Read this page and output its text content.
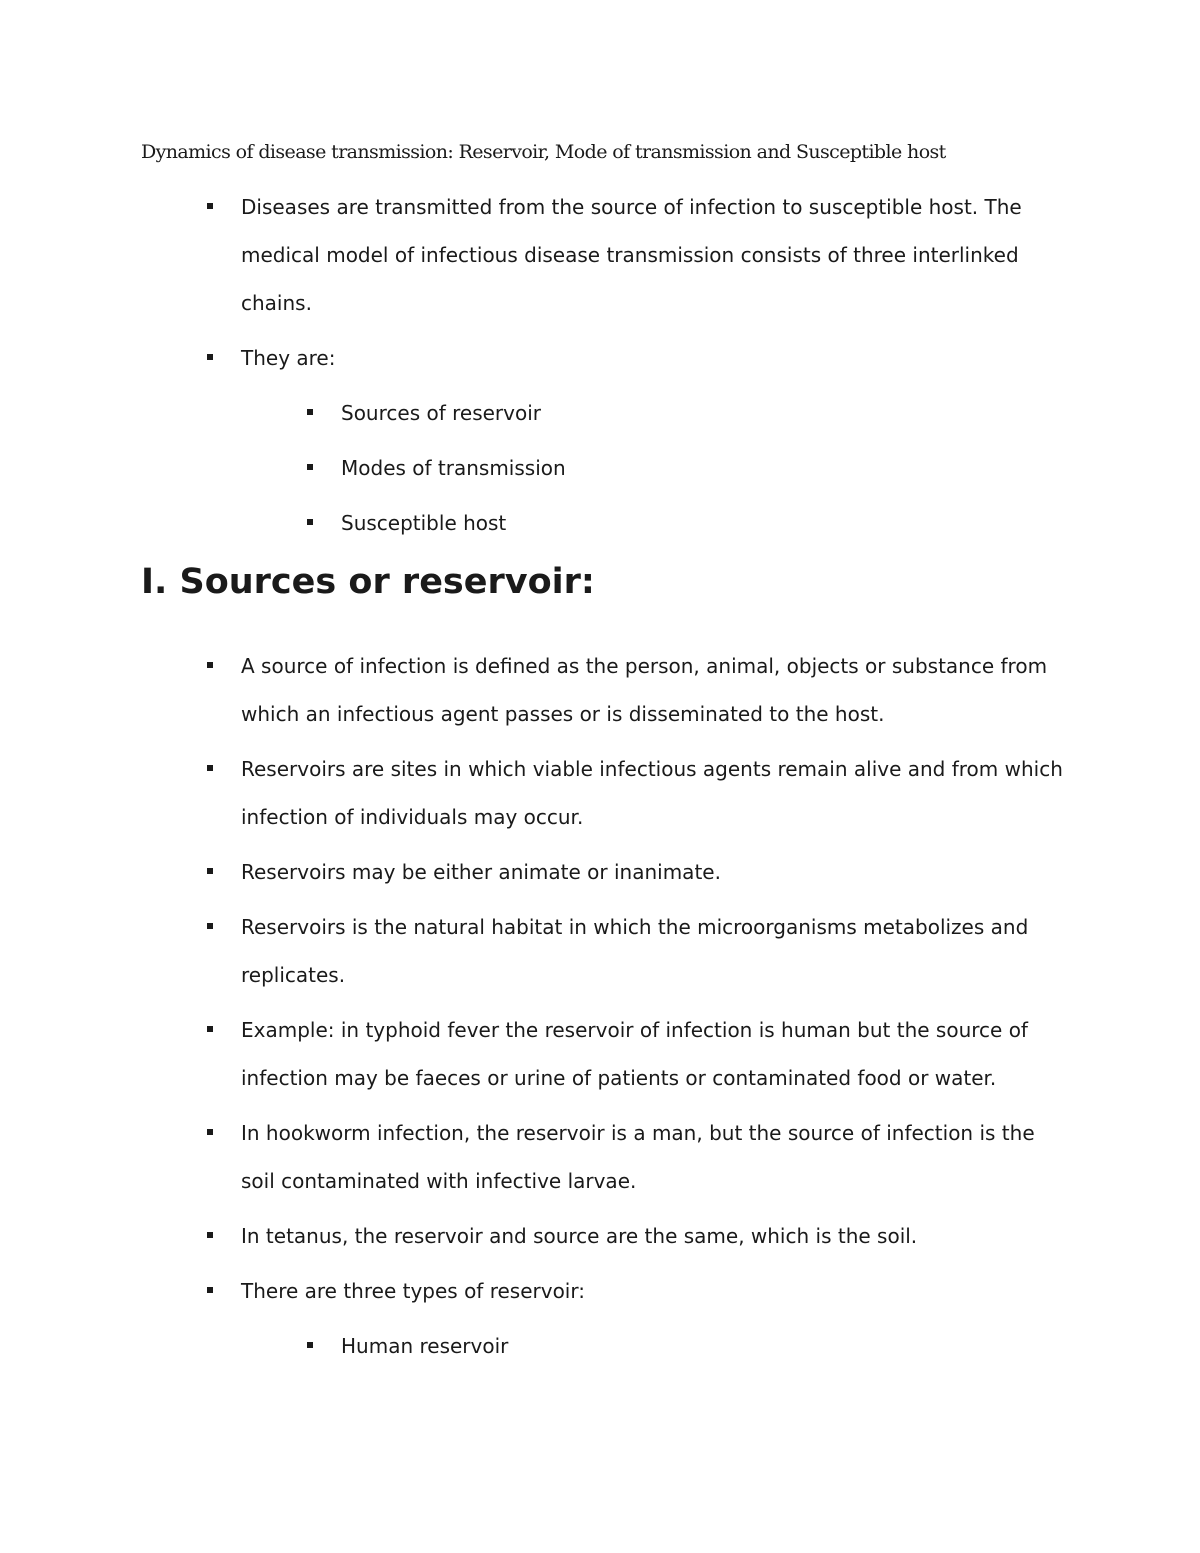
Dynamics of disease transmission: Reservoir, Mode of transmission and Susceptible host
Diseases are transmitted from the source of infection to susceptible host. The medical model of infectious disease transmission consists of three interlinked chains.
They are:
Sources of reservoir
Modes of transmission
Susceptible host
I. Sources or reservoir:
A source of infection is defined as the person, animal, objects or substance from which an infectious agent passes or is disseminated to the host.
Reservoirs are sites in which viable infectious agents remain alive and from which infection of individuals may occur.
Reservoirs may be either animate or inanimate.
Reservoirs is the natural habitat in which the microorganisms metabolizes and replicates.
Example: in typhoid fever the reservoir of infection is human but the source of infection may be faeces or urine of patients or contaminated food or water.
In hookworm infection, the reservoir is a man, but the source of infection is the soil contaminated with infective larvae.
In tetanus, the reservoir and source are the same, which is the soil.
There are three types of reservoir:
Human reservoir
